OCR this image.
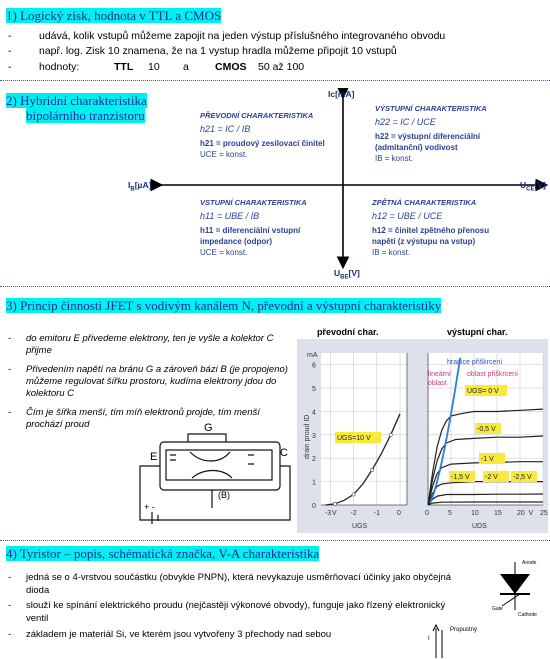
1) Logický zisk, hodnota v TTL a CMOS
-	udává, kolik vstupů můžeme zapojit na jeden výstup příslušného integrovaného obvodu
-	např. log. Zisk 10 znamena, že na 1 vystup hradla můžeme připojit 10 vstupů
-	hodnoty:	TTL 10 a CMOS 50 až 100
2) Hybridní charakteristika
bipolárního tranzistoru
Ic[mA]
$U_{CE}[V]$
$I_B[\mu A]$
$U_{BE}[V]$
PŘEVODNÍ CHARAKTERISTIKA
h21 = IC / IB
h21 = proudový zesilovací činitel
UCE = konst.
VÝSTUPNÍ CHARAKTERISTIKA
h22 = IC / UCE
h22 = výstupní diferenciální
(admitanční) vodivost
IB = konst.
VSTUPNÍ CHARAKTERISTIKA
h11 = UBE / IB
h11 = diferenciální vstupní
impedance (odpor)
UCE = konst.
ZPĚTNÁ CHARAKTERISTIKA
h12 = UBE / UCE
h12 = činitel zpětného přenosu
napětí (z výstupu na vstup)
IB = konst.
3) Princip činnosti JFET s vodivým kanálem N, převodní a výstupní charakteristiky
- do emitoru E přivedeme elektrony, ten je vyšle a kolektor C přijme
- Přivedením napětí na bránu G a zároveň bázi B (je propojeno) můžeme regulovat šířku prostoru, kudíma elektrony jdou do kolektoru C
- Čím je šířka menší, tím míň elektronů projde, tím menší prochází proud	G
E	C
(B)
+ -
převodní char.	výstupní char.
0
1
2
3
4
5
6
-3 V -2 -1 0	0	5	10 15 20 V 25
mA
drain proud ID
UGS	UDS
UGS=10 V
hranice přiškrcení
lineární
oblast
oblast přiškrcení
UGS= 0 V
-0,5 V
-1 V
-1,5 V -2 V -2,5 V
4) Tyristor – popis, schématická značka, V-A charakteristika
- jedná se o 4-vrstvou součástku (obvykle PNPN), která nevykazuje usměrňovací účinky jako obyčejná dioda
- slouží ke spínání elektrického proudu (nejčastěji výkonové obvody), funguje jako řízený elektronický ventil
- základem je materiál Si, ve kterém jsou vytvořeny 3 přechody nad sebou
Anode
Gate
Cathode
I
Propustný
